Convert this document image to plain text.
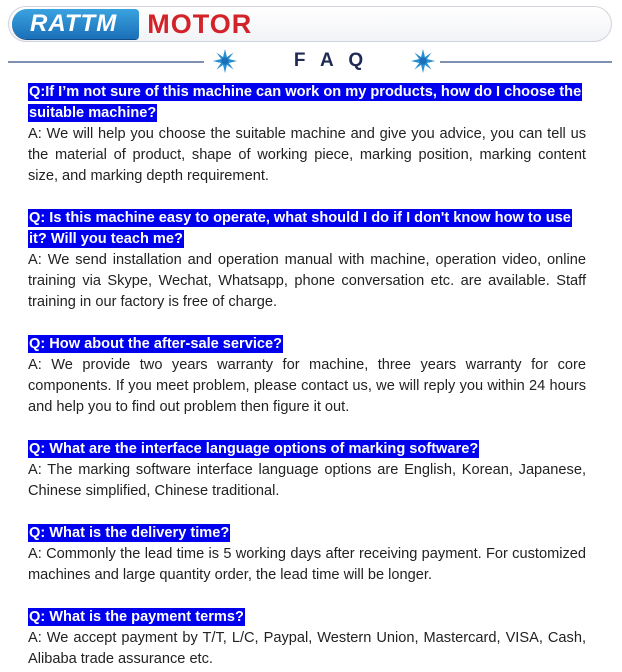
RATTM	MOTOR
F A Q

Q:If I’m not sure of this machine can work on my products, how do I choose the suitable machine?

A: We will help you choose the suitable machine and give you advice, you can tell us the material of product, shape of working piece, marking position, marking content size, and marking depth requirement.

Q: Is this machine easy to operate, what should I do if I don't know how to use it? Will you teach me?

A: We send installation and operation manual with machine, operation video, online training via Skype, Wechat, Whatsapp, phone conversation etc. are available. Staff training in our factory is free of charge.

Q: How about the after-sale service?

A: We provide two years warranty for machine, three years warranty for core components. If you meet problem, please contact us, we will reply you within 24 hours and help you to find out problem then figure it out.

Q: What are the interface language options of marking software?

A: The marking software interface language options are English, Korean, Japanese, Chinese simplified, Chinese traditional.

Q: What is the delivery time?

A: Commonly the lead time is 5 working days after receiving payment. For customized machines and large quantity order, the lead time will be longer.

Q: What is the payment terms?

A: We accept payment by T/T, L/C, Paypal, Western Union, Mastercard, VISA, Cash, Alibaba trade assurance etc.
